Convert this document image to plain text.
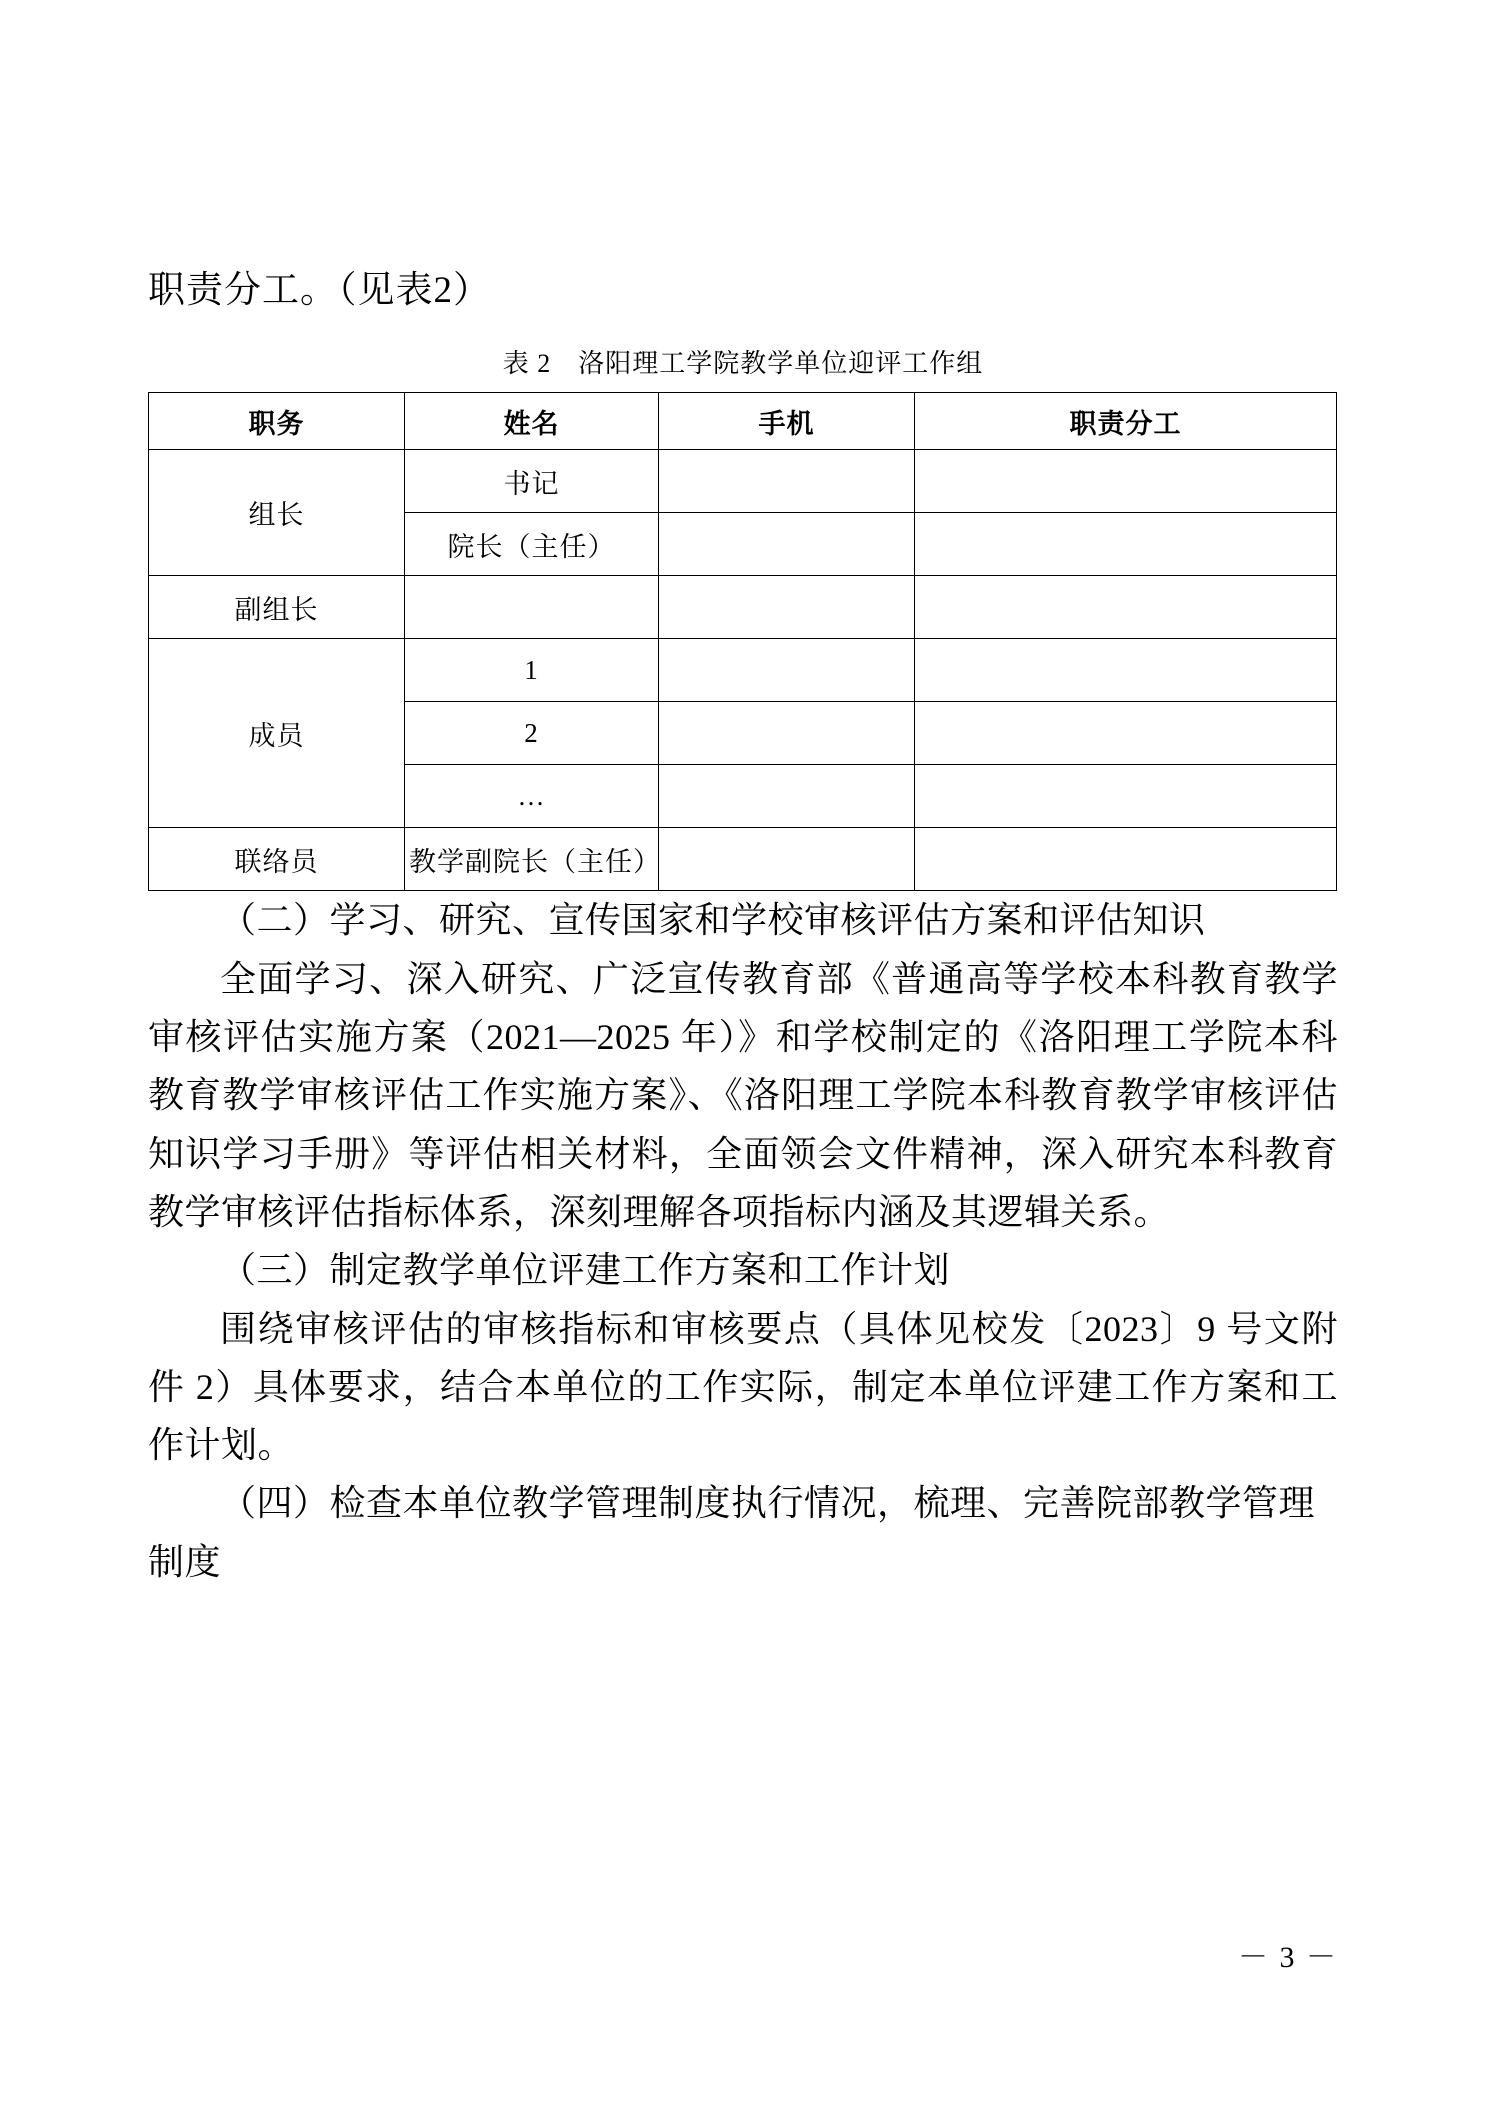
职责分工。（见表2）

表 2　洛阳理工学院教学单位迎评工作组
职务	姓名	手机	职责分工
组长	书记		
	院长（主任）		
副组长			
成员	1		
	2		
	…		
联络员	教学副院长（主任）		

（二）学习、研究、宣传国家和学校审核评估方案和评估知识

全面学习、深入研究、广泛宣传教育部《普通高等学校本科教育教学审核评估实施方案（2021—2025 年）》和学校制定的《洛阳理工学院本科教育教学审核评估工作实施方案》、《洛阳理工学院本科教育教学审核评估知识学习手册》等评估相关材料，全面领会文件精神，深入研究本科教育教学审核评估指标体系，深刻理解各项指标内涵及其逻辑关系。

（三）制定教学单位评建工作方案和工作计划

围绕审核评估的审核指标和审核要点（具体见校发〔2023〕9 号文附件 2）具体要求，结合本单位的工作实际，制定本单位评建工作方案和工作计划。

（四）检查本单位教学管理制度执行情况，梳理、完善院部教学管理制度

－ 3 －
